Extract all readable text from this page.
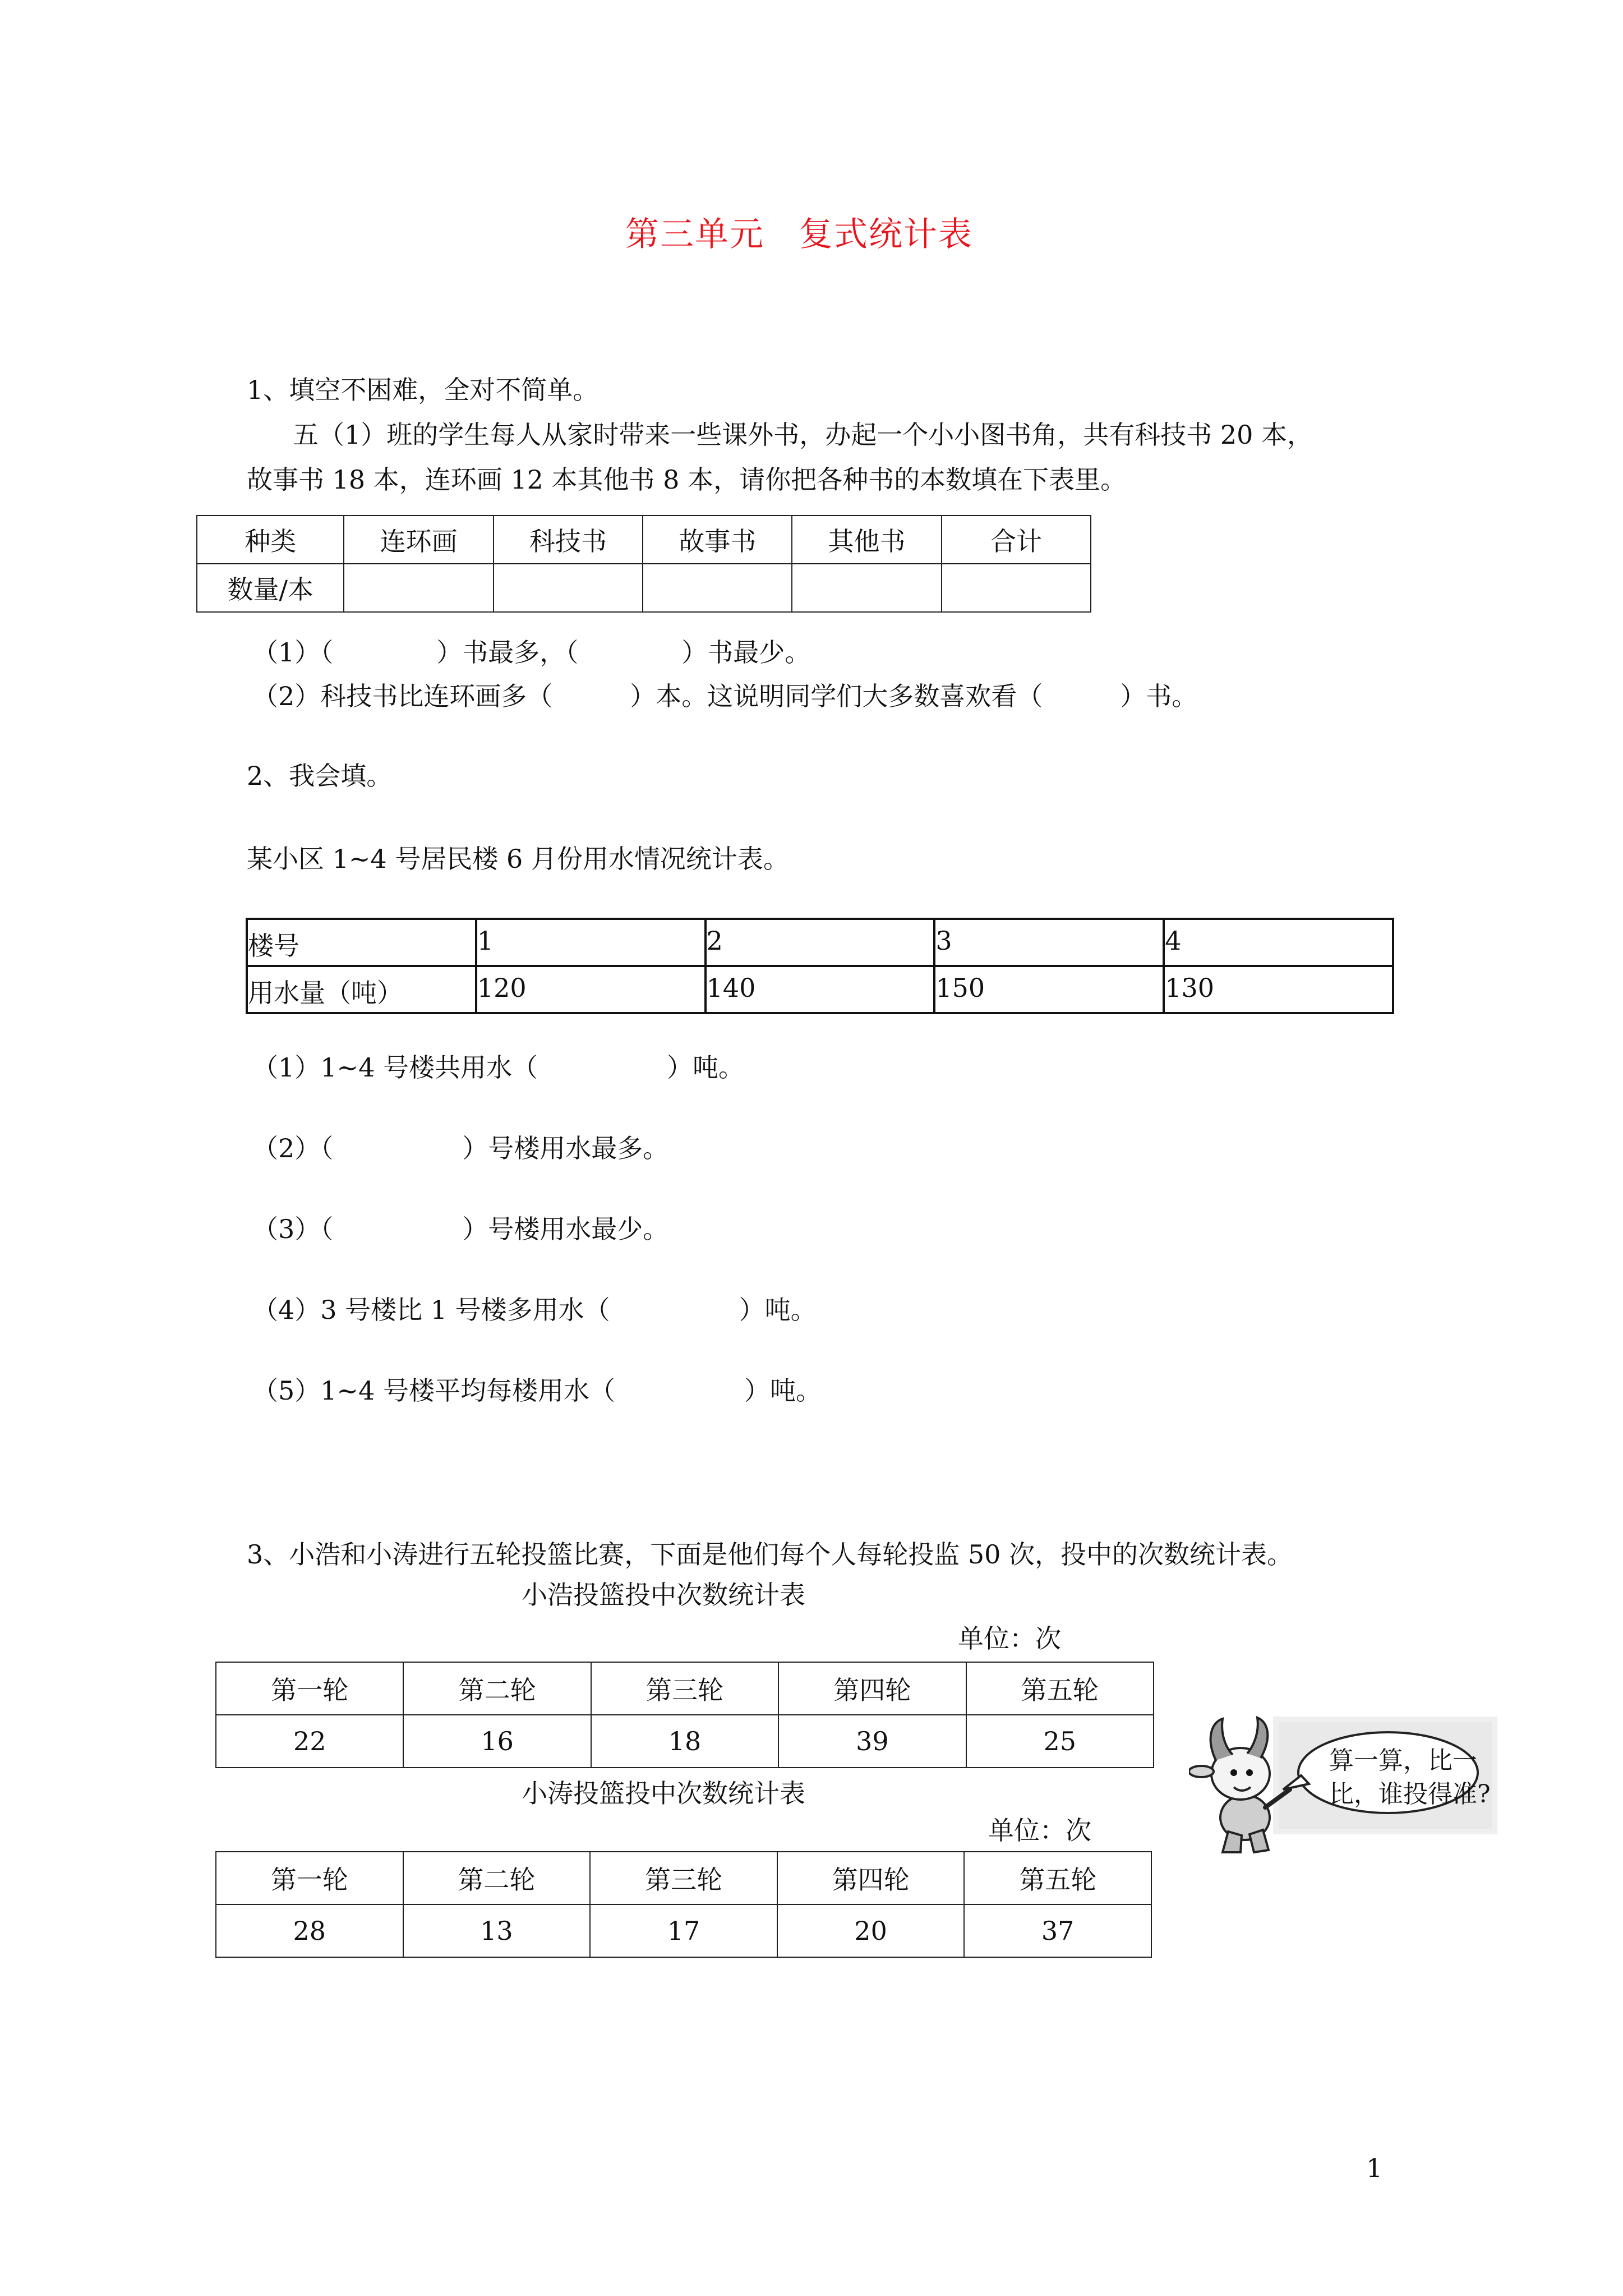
第三单元　复式统计表
1、填空不困难，全对不简单。
五（1）班的学生每人从家时带来一些课外书，办起一个小小图书角，共有科技书 20 本，
故事书 18 本，连环画 12 本其他书 8 本，请你把各种书的本数填在下表里。
种类	连环画	科技书	故事书	其他书	合计
数量/本					
（1）（　　　　）书最多，（　　　　）书最少。
（2）科技书比连环画多（　　　）本。这说明同学们大多数喜欢看（　　　）书。
2、我会填。
某小区 1~4 号居民楼 6 月份用水情况统计表。
楼号	1	2	3	4
用水量（吨）	120	140	150	130
（1）1~4 号楼共用水（　　　　　）吨。
（2）（　　　　　）号楼用水最多。
（3）（　　　　　）号楼用水最少。
（4）3 号楼比 1 号楼多用水（　　　　　）吨。
（5）1~4 号楼平均每楼用水（　　　　　）吨。
3、小浩和小涛进行五轮投篮比赛，下面是他们每个人每轮投监 50 次，投中的次数统计表。
小浩投篮投中次数统计表
单位：次
第一轮	第二轮	第三轮	第四轮	第五轮
22	16	18	39	25
小涛投篮投中次数统计表
单位：次
第一轮	第二轮	第三轮	第四轮	第五轮
28	13	17	20	37
算一算，比一
比，谁投得准?
1
